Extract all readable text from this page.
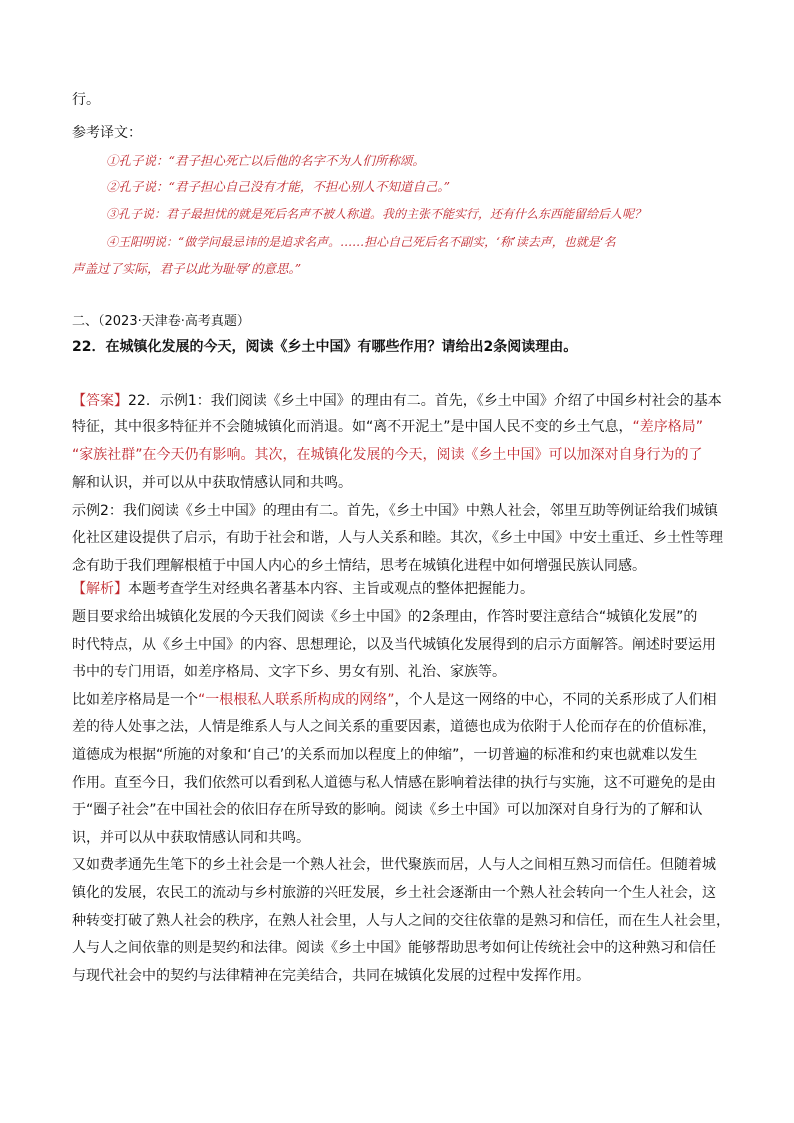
行。
参考译文：
①孔子说：“君子担心死亡以后他的名字不为人们所称颂。
②孔子说：“君子担心自己没有才能，不担心别人不知道自己。”
③孔子说：君子最担忧的就是死后名声不被人称道。我的主张不能实行，还有什么东西能留给后人呢？
④王阳明说：“做学问最忌讳的是追求名声。……担心自己死后名不副实，‘称’读去声，也就是‘名
声盖过了实际，君子以此为耻辱’的意思。”
二、（2023·天津卷·高考真题）
22．在城镇化发展的今天，阅读《乡土中国》有哪些作用？请给出2条阅读理由。
【答案】22．示例1：我们阅读《乡土中国》的理由有二。首先，《乡土中国》介绍了中国乡村社会的基本
特征，其中很多特征并不会随城镇化而消退。如“离不开泥土”是中国人民不变的乡土气息，“差序格局”
“家族社群”在今天仍有影响。其次，在城镇化发展的今天，阅读《乡土中国》可以加深对自身行为的了
解和认识，并可以从中获取情感认同和共鸣。
示例2：我们阅读《乡土中国》的理由有二。首先，《乡土中国》中熟人社会，邻里互助等例证给我们城镇
化社区建设提供了启示，有助于社会和谐，人与人关系和睦。其次，《乡土中国》中安土重迁、乡土性等理
念有助于我们理解根植于中国人内心的乡土情结，思考在城镇化进程中如何增强民族认同感。
【解析】本题考查学生对经典名著基本内容、主旨或观点的整体把握能力。
题目要求给出城镇化发展的今天我们阅读《乡土中国》的2条理由，作答时要注意结合“城镇化发展”的
时代特点，从《乡土中国》的内容、思想理论，以及当代城镇化发展得到的启示方面解答。阐述时要运用
书中的专门用语，如差序格局、文字下乡、男女有别、礼治、家族等。
比如差序格局是一个“一根根私人联系所构成的网络”，个人是这一网络的中心，不同的关系形成了人们相
差的待人处事之法，人情是维系人与人之间关系的重要因素，道德也成为依附于人伦而存在的价值标准，
道德成为根据“所施的对象和‘自己’的关系而加以程度上的伸缩”，一切普遍的标准和约束也就难以发生
作用。直至今日，我们依然可以看到私人道德与私人情感在影响着法律的执行与实施，这不可避免的是由
于“圈子社会”在中国社会的依旧存在所导致的影响。阅读《乡土中国》可以加深对自身行为的了解和认
识，并可以从中获取情感认同和共鸣。
又如费孝通先生笔下的乡土社会是一个熟人社会，世代聚族而居，人与人之间相互熟习而信任。但随着城
镇化的发展，农民工的流动与乡村旅游的兴旺发展，乡土社会逐渐由一个熟人社会转向一个生人社会，这
种转变打破了熟人社会的秩序，在熟人社会里，人与人之间的交往依靠的是熟习和信任，而在生人社会里，
人与人之间依靠的则是契约和法律。阅读《乡土中国》能够帮助思考如何让传统社会中的这种熟习和信任
与现代社会中的契约与法律精神在完美结合，共同在城镇化发展的过程中发挥作用。
